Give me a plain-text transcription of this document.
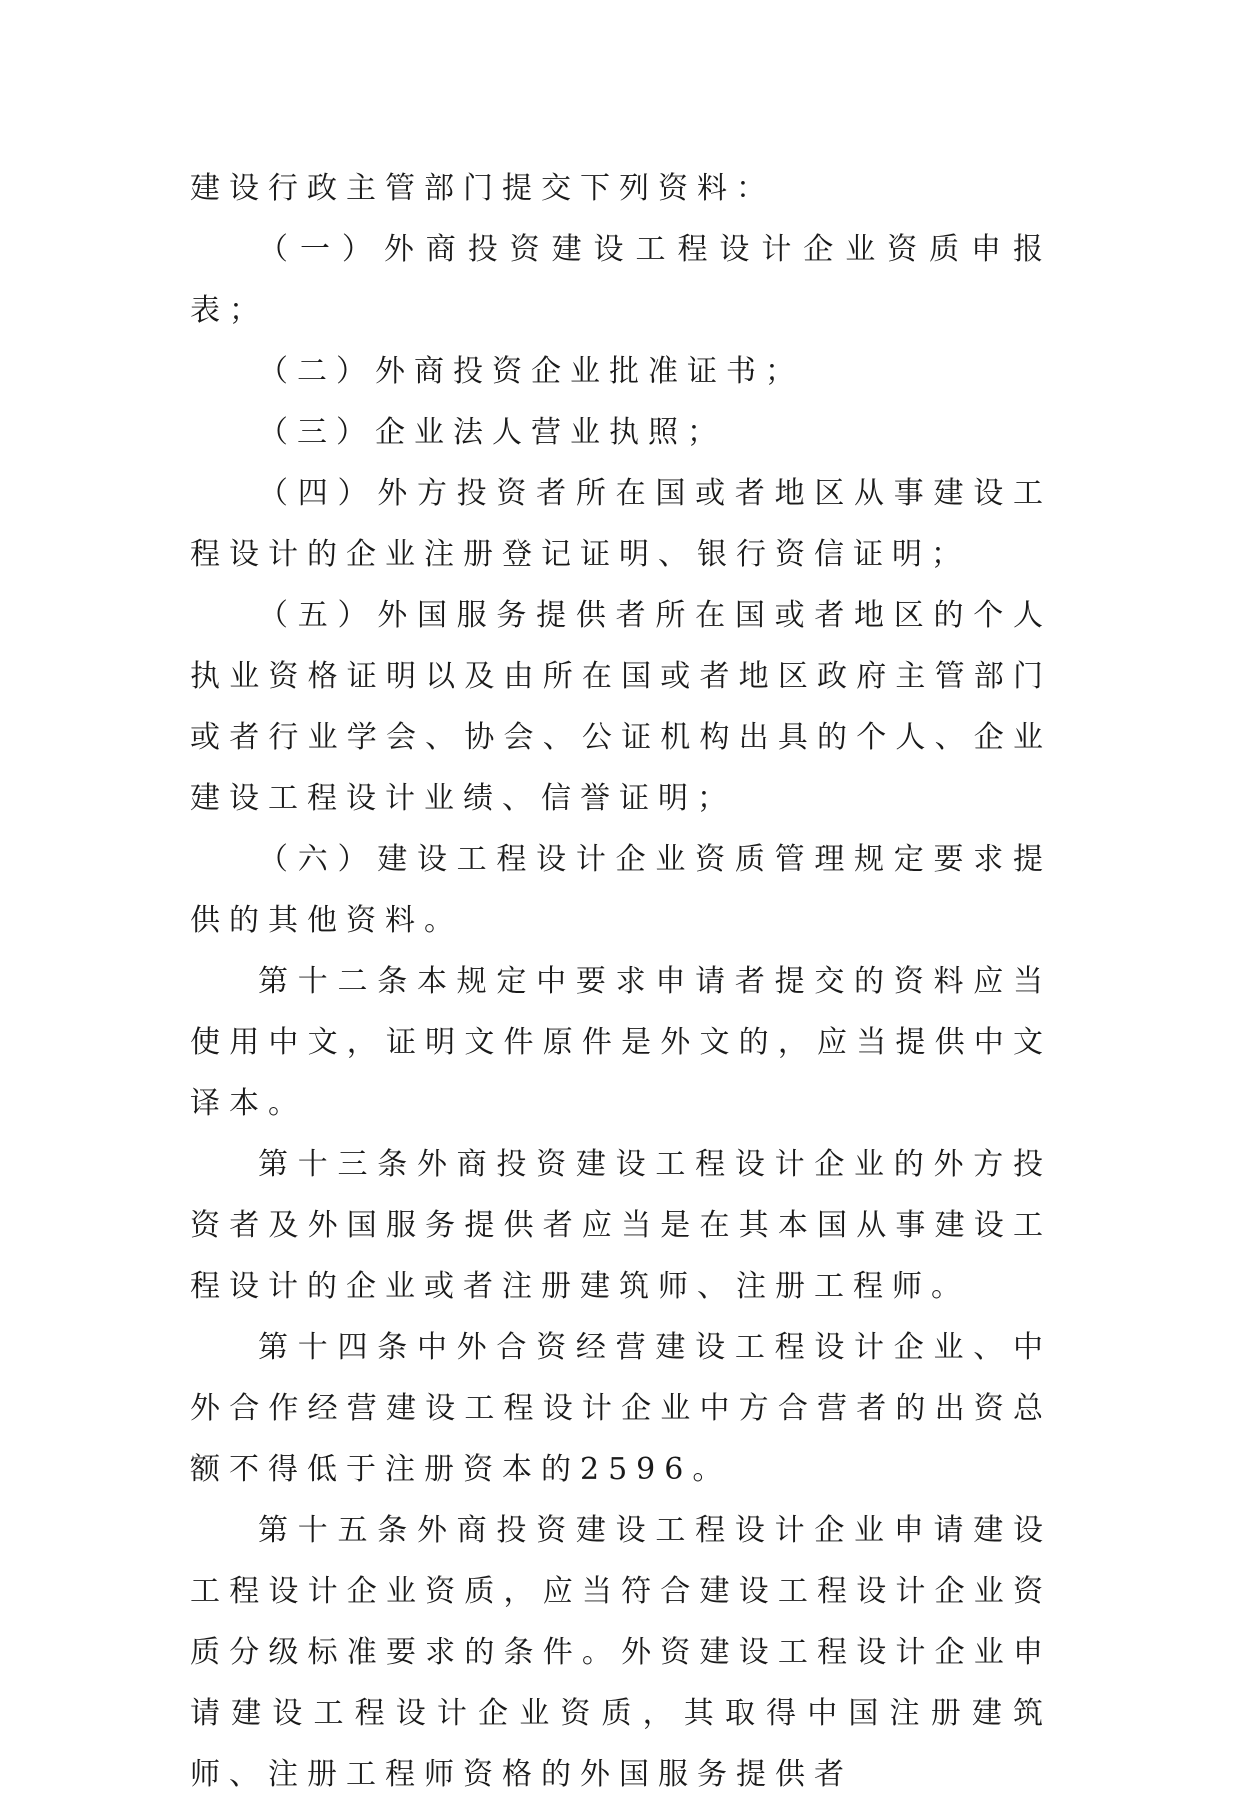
建设行政主管部门提交下列资料：

（一）外商投资建设工程设计企业资质申报表；

（二）外商投资企业批准证书；

（三）企业法人营业执照；

（四）外方投资者所在国或者地区从事建设工程设计的企业注册登记证明、银行资信证明；

（五）外国服务提供者所在国或者地区的个人执业资格证明以及由所在国或者地区政府主管部门或者行业学会、协会、公证机构出具的个人、企业建设工程设计业绩、信誉证明；

（六）建设工程设计企业资质管理规定要求提供的其他资料。

第十二条本规定中要求申请者提交的资料应当使用中文，证明文件原件是外文的，应当提供中文译本。

第十三条外商投资建设工程设计企业的外方投资者及外国服务提供者应当是在其本国从事建设工程设计的企业或者注册建筑师、注册工程师。

第十四条中外合资经营建设工程设计企业、中外合作经营建设工程设计企业中方合营者的出资总额不得低于注册资本的2596。

第十五条外商投资建设工程设计企业申请建设工程设计企业资质，应当符合建设工程设计企业资质分级标准要求的条件。外资建设工程设计企业申请建设工程设计企业资质，其取得中国注册建筑师、注册工程师资格的外国服务提供者
